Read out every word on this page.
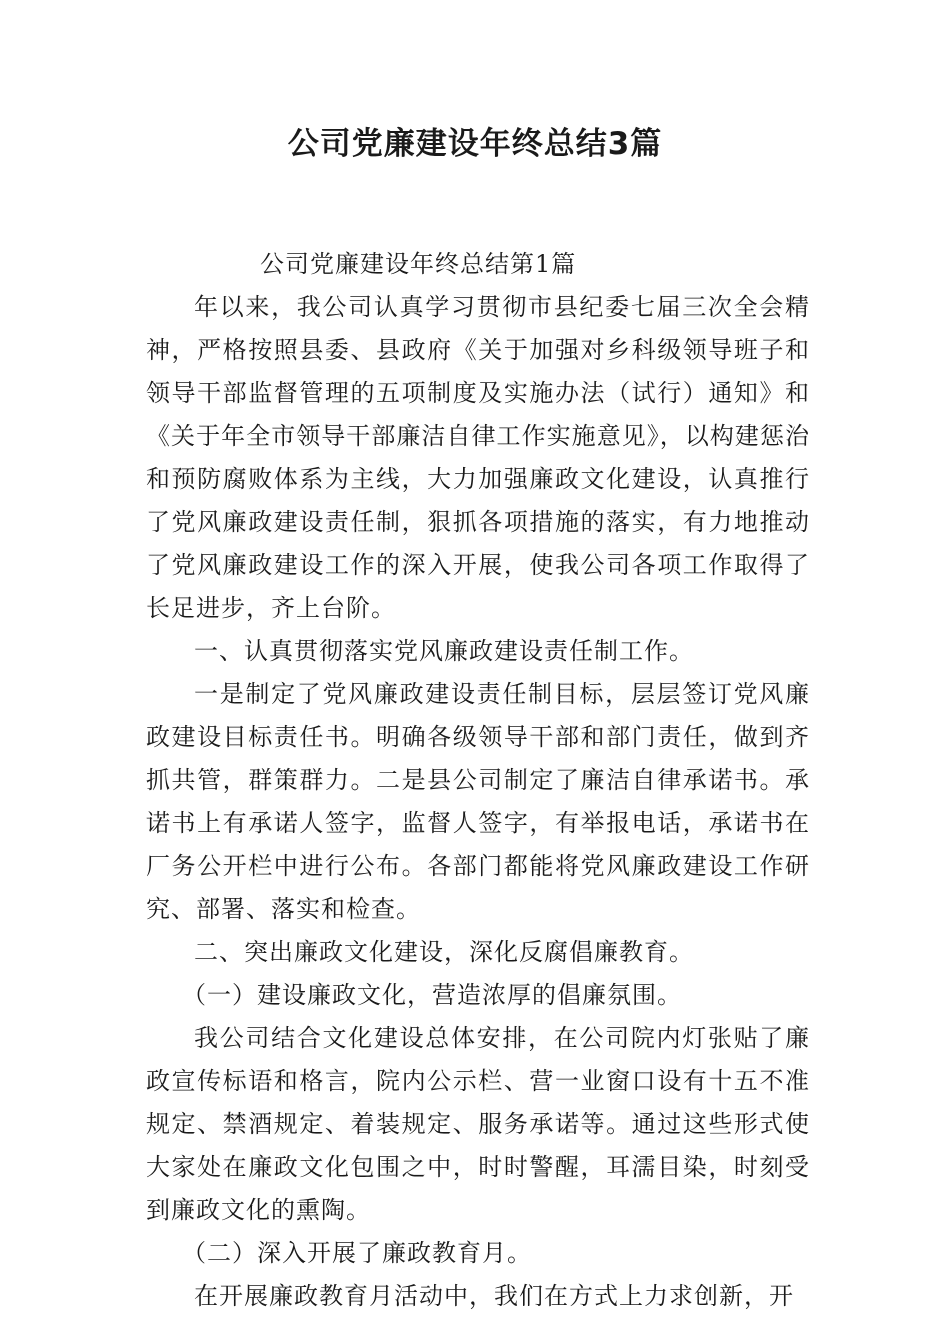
公司党廉建设年终总结3篇

公司党廉建设年终总结第1篇

年以来，我公司认真学习贯彻市县纪委七届三次全会精神，严格按照县委、县政府《关于加强对乡科级领导班子和领导干部监督管理的五项制度及实施办法（试行）通知》和《关于年全市领导干部廉洁自律工作实施意见》，以构建惩治和预防腐败体系为主线，大力加强廉政文化建设，认真推行了党风廉政建设责任制，狠抓各项措施的落实，有力地推动了党风廉政建设工作的深入开展，使我公司各项工作取得了长足进步，齐上台阶。

一、认真贯彻落实党风廉政建设责任制工作。

一是制定了党风廉政建设责任制目标，层层签订党风廉政建设目标责任书。明确各级领导干部和部门责任，做到齐抓共管，群策群力。二是县公司制定了廉洁自律承诺书。承诺书上有承诺人签字，监督人签字，有举报电话，承诺书在厂务公开栏中进行公布。各部门都能将党风廉政建设工作研究、部署、落实和检查。

二、突出廉政文化建设，深化反腐倡廉教育。

（一）建设廉政文化，营造浓厚的倡廉氛围。

我公司结合文化建设总体安排，在公司院内灯张贴了廉政宣传标语和格言，院内公示栏、营一业窗口设有十五不准规定、禁酒规定、着装规定、服务承诺等。通过这些形式使大家处在廉政文化包围之中，时时警醒，耳濡目染，时刻受到廉政文化的熏陶。

（二）深入开展了廉政教育月。

在开展廉政教育月活动中，我们在方式上力求创新，开
